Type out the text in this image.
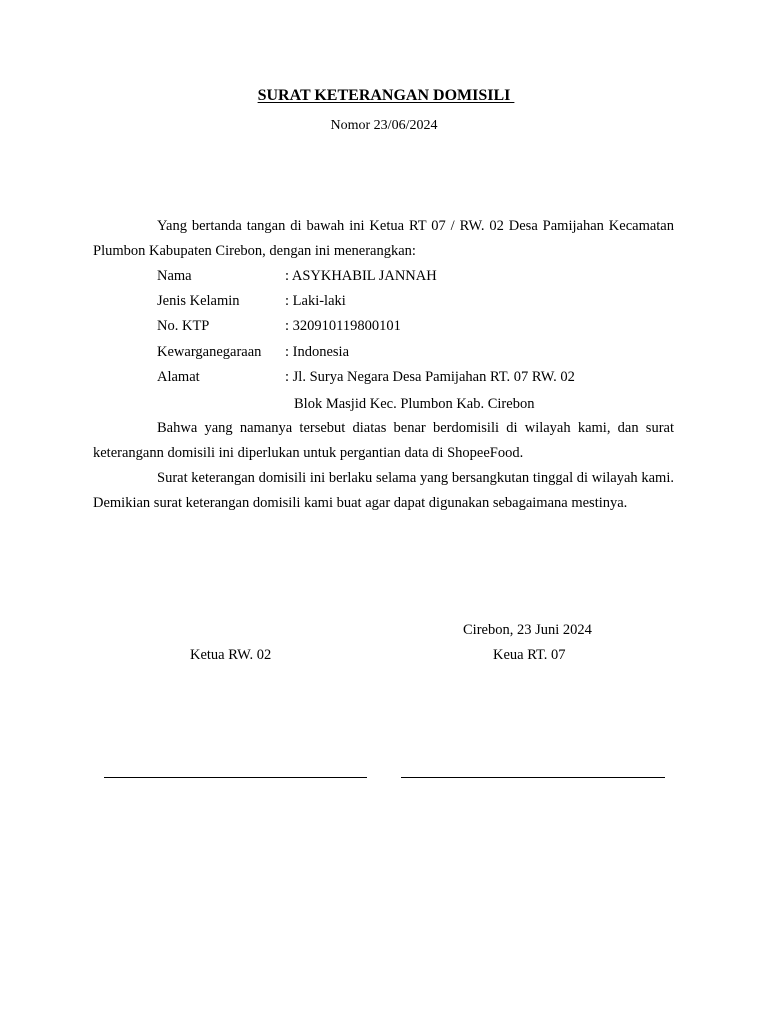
SURAT KETERANGAN DOMISILI
Nomor 23/06/2024
Yang bertanda tangan di bawah ini Ketua RT 07 / RW. 02 Desa Pamijahan Kecamatan Plumbon Kabupaten Cirebon, dengan ini menerangkan:
Nama	: ASYKHABIL JANNAH
Jenis Kelamin	: Laki-laki
No. KTP	: 320910119800101
Kewarganegaraan : Indonesia
Alamat	: Jl. Surya Negara Desa Pamijahan RT. 07 RW. 02
Blok Masjid Kec. Plumbon Kab. Cirebon
Bahwa yang namanya tersebut diatas benar berdomisili di wilayah kami, dan surat keterangann domisili ini diperlukan untuk pergantian data di ShopeeFood.
Surat keterangan domisili ini berlaku selama yang bersangkutan tinggal di wilayah kami. Demikian surat keterangan domisili kami buat agar dapat digunakan sebagaimana mestinya.
Cirebon, 23 Juni 2024
Ketua RW. 02	Keua RT. 07
